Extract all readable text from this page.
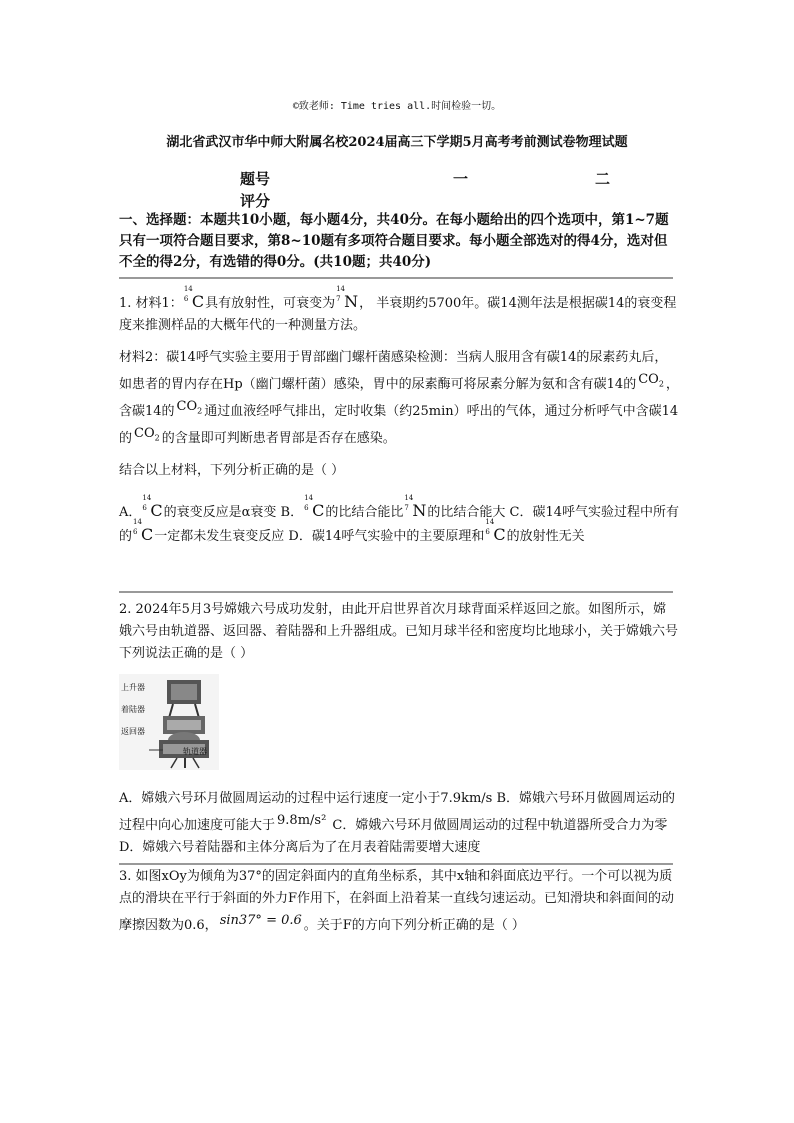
©致老师: Time tries all.时间检验一切。
湖北省武汉市华中师大附属名校2024届高三下学期5月高考考前测试卷物理试题
题号	一	二
评分
一、选择题：本题共10小题，每小题4分，共40分。在每小题给出的四个选项中，第1~7题只有一项符合题目要求，第8~10题有多项符合题目要求。每小题全部选对的得4分，选对但不全的得2分，有选错的得0分。(共10题；共40分)

1. 材料1：
14
6 C具有放射性，可衰变为
14
7 N， 半衰期约5700年。碳14测年法是根据碳14的衰变程度来推测样品的大概年代的一种测量方法。

材料2：碳14呼气实验主要用于胃部幽门螺杆菌感染检测：当病人服用含有碳14的尿素药丸后，如患者的胃内存在Hp（幽门螺杆菌）感染，胃中的尿素酶可将尿素分解为氨和含有碳14的 $CO_2$ ， 含碳14的 $CO_2$ 通过血液经呼气排出，定时收集（约25min）呼出的气体，通过分析呼气中含碳14的 $CO_2$ 的含量即可判断患者胃部是否存在感染。

结合以上材料，下列分析正确的是（ ）

A．
14
6 C的衰变反应是α衰变 B．
14
6 C的比结合能比
14
7 N的比结合能大 C．碳14呼气实验过程中所有的
14
6 C一定都未发生衰变反应 D．碳14呼气实验中的主要原理和
14
6 C的放射性无关

2. 2024年5月3号嫦娥六号成功发射，由此开启世界首次月球背面采样返回之旅。如图所示，嫦娥六号由轨道器、返回器、着陆器和上升器组成。已知月球半径和密度均比地球小，关于嫦娥六号下列说法正确的是（ ）

上升器
着陆器
返回器
轨道器

A．嫦娥六号环月做圆周运动的过程中运行速度一定小于7.9km/s B．嫦娥六号环月做圆周运动的过程中向心加速度可能大于 9.8m/s² C．嫦娥六号环月做圆周运动的过程中轨道器所受合力为零 D．嫦娥六号着陆器和主体分离后为了在月表着陆需要增大速度

3. 如图xOy为倾角为37°的固定斜面内的直角坐标系，其中x轴和斜面底边平行。一个可以视为质点的滑块在平行于斜面的外力F作用下，在斜面上沿着某一直线匀速运动。已知滑块和斜面间的动摩擦因数为0.6， sin37° = 0.6 。关于F的方向下列分析正确的是（ ）
